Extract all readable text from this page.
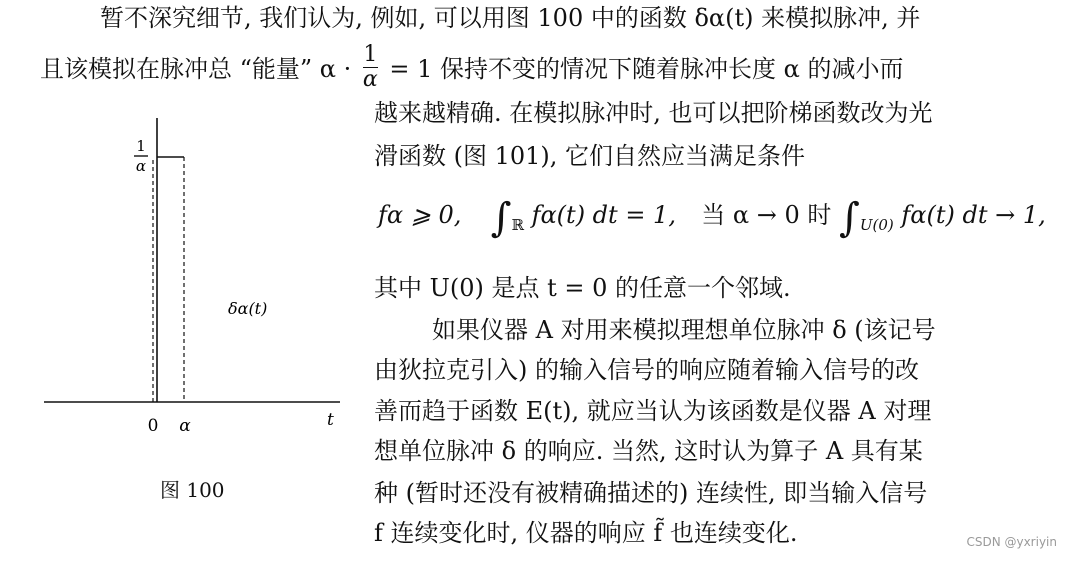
暂不深究细节, 我们认为, 例如, 可以用图 100 中的函数 δα(t) 来模拟脉冲, 并
且该模拟在脉冲总 “能量” $\alpha \cdot \frac{1}{\alpha} = 1$ 保持不变的情况下随着脉冲长度 α 的减小而
越来越精确. 在模拟脉冲时, 也可以把阶梯函数改为光
滑函数 (图 101), 它们自然应当满足条件
fα ⩾ 0, $\int_ℝ$ fα(t) dt = 1, 当 α → 0 时 $\int_{U(0)}$ fα(t) dt → 1,
其中 U(0) 是点 t = 0 的任意一个邻域.
如果仪器 A 对用来模拟理想单位脉冲 δ (该记号
由狄拉克引入) 的输入信号的响应随着输入信号的改
善而趋于函数 E(t), 就应当认为该函数是仪器 A 对理
想单位脉冲 δ 的响应. 当然, 这时认为算子 A 具有某
种 (暂时还没有被精确描述的) 连续性, 即当输入信号
f 连续变化时, 仪器的响应 f̃ 也连续变化.
1
α
δα(t)
0 α	t
图 100
CSDN @yxriyin
